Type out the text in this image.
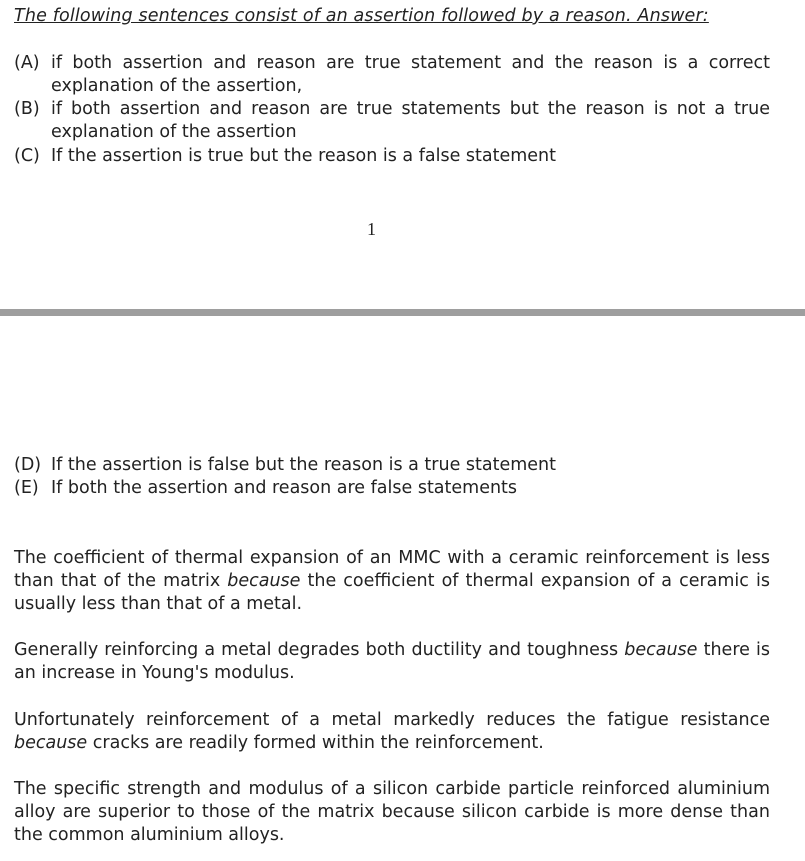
The following sentences consist of an assertion followed by a reason. Answer:
(A) if both assertion and reason are true statement and the reason is a correct explanation of the assertion,
(B) if both assertion and reason are true statements but the reason is not a true explanation of the assertion
(C) If the assertion is true but the reason is a false statement
1
(D) If the assertion is false but the reason is a true statement
(E) If both the assertion and reason are false statements
The coefficient of thermal expansion of an MMC with a ceramic reinforcement is less than that of the matrix because the coefficient of thermal expansion of a ceramic is usually less than that of a metal.
Generally reinforcing a metal degrades both ductility and toughness because there is an increase in Young's modulus.
Unfortunately reinforcement of a metal markedly reduces the fatigue resistance because cracks are readily formed within the reinforcement.
The specific strength and modulus of a silicon carbide particle reinforced aluminium alloy are superior to those of the matrix because silicon carbide is more dense than the common aluminium alloys.
